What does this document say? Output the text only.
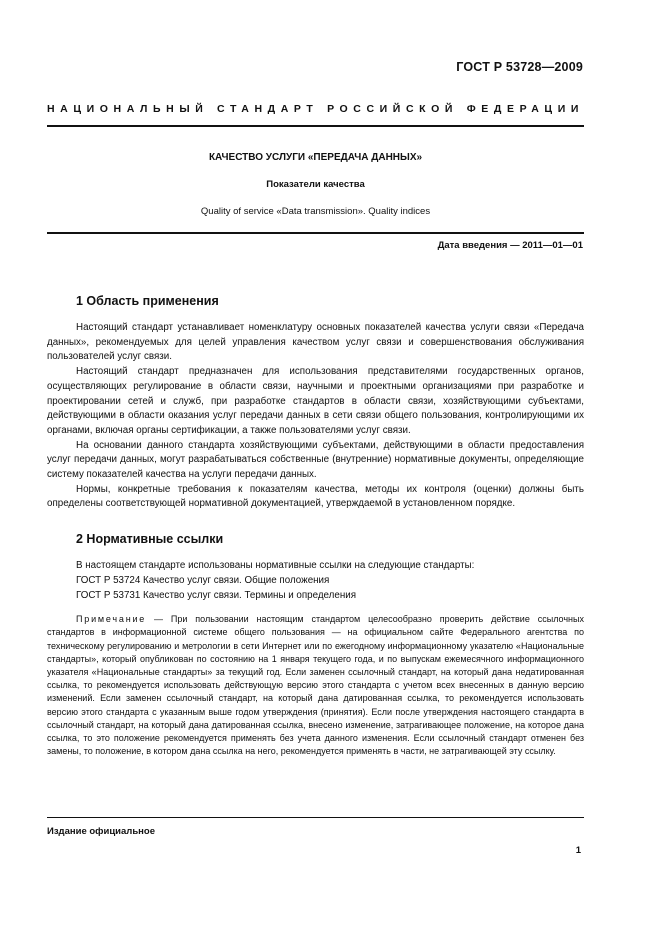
ГОСТ Р 53728—2009
НАЦИОНАЛЬНЫЙ СТАНДАРТ РОССИЙСКОЙ ФЕДЕРАЦИИ
КАЧЕСТВО УСЛУГИ «ПЕРЕДАЧА ДАННЫХ»
Показатели качества
Quality of service «Data transmission». Quality indices
Дата введения — 2011—01—01
1 Область применения

Настоящий стандарт устанавливает номенклатуру основных показателей качества услуги связи «Передача данных», рекомендуемых для целей управления качеством услуг связи и совершенствования обслуживания пользователей услуг связи.

Настоящий стандарт предназначен для использования представителями государственных органов, осуществляющих регулирование в области связи, научными и проектными организациями при разработке и проектировании сетей и служб, при разработке стандартов в области связи, хозяйствующими субъектами, действующими в области оказания услуг передачи данных в сети связи общего пользования, контролирующими их органами, включая органы сертификации, а также пользователями услуг связи.

На основании данного стандарта хозяйствующими субъектами, действующими в области предоставления услуг передачи данных, могут разрабатываться собственные (внутренние) нормативные документы, определяющие систему показателей качества на услуги передачи данных.

Нормы, конкретные требования к показателям качества, методы их контроля (оценки) должны быть определены соответствующей нормативной документацией, утверждаемой в установленном порядке.

2 Нормативные ссылки

В настоящем стандарте использованы нормативные ссылки на следующие стандарты:

ГОСТ Р 53724 Качество услуг связи. Общие положения

ГОСТ Р 53731 Качество услуг связи. Термины и определения

Примечание — При пользовании настоящим стандартом целесообразно проверить действие ссылочных стандартов в информационной системе общего пользования — на официальном сайте Федерального агентства по техническому регулированию и метрологии в сети Интернет или по ежегодному информационному указателю «Национальные стандарты», который опубликован по состоянию на 1 января текущего года, и по выпускам ежемесячного информационного указателя «Национальные стандарты» за текущий год. Если заменен ссылочный стандарт, на который дана недатированная ссылка, то рекомендуется использовать действующую версию этого стандарта с учетом всех внесенных в данную версию изменений. Если заменен ссылочный стандарт, на который дана датированная ссылка, то рекомендуется использовать версию этого стандарта с указанным выше годом утверждения (принятия). Если после утверждения настоящего стандарта в ссылочный стандарт, на который дана датированная ссылка, внесено изменение, затрагивающее положение, на которое дана ссылка, то это положение рекомендуется применять без учета данного изменения. Если ссылочный стандарт отменен без замены, то положение, в котором дана ссылка на него, рекомендуется применять в части, не затрагивающей эту ссылку.

Издание официальное
1
